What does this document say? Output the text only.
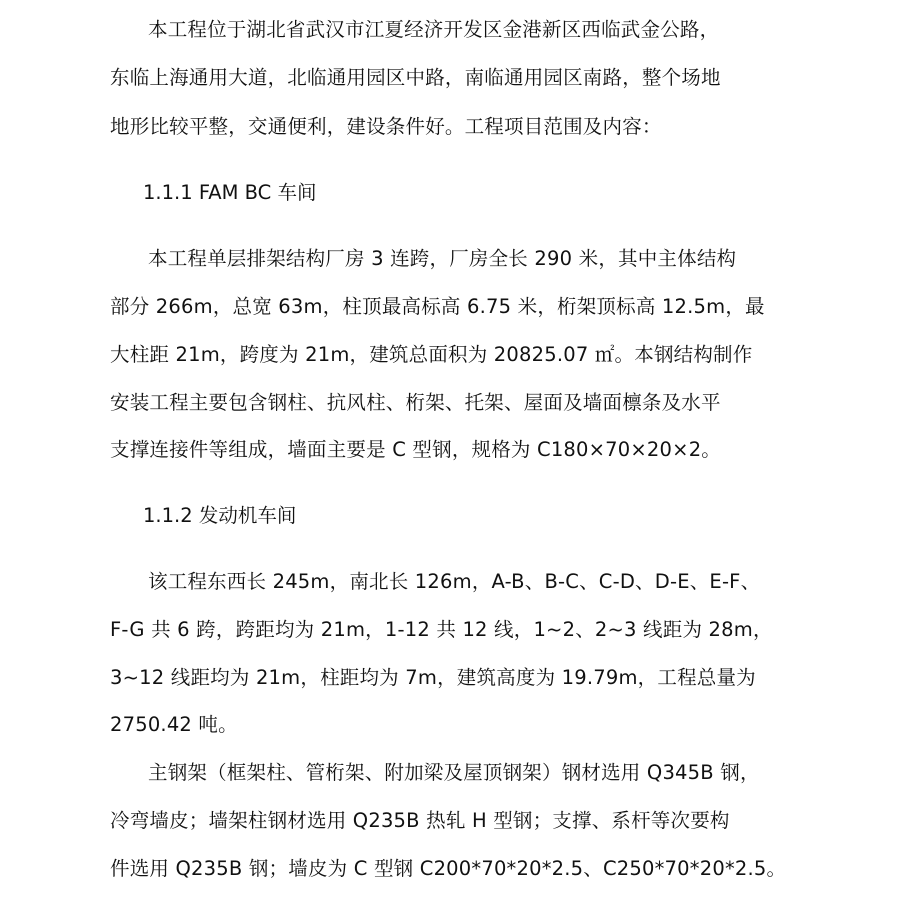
本工程位于湖北省武汉市江夏经济开发区金港新区西临武金公路，
东临上海通用大道，北临通用园区中路，南临通用园区南路，整个场地
地形比较平整，交通便利，建设条件好。工程项目范围及内容：
1.1.1 FAM BC 车间
本工程单层排架结构厂房 3 连跨，厂房全长 290 米，其中主体结构
部分 266m，总宽 63m，柱顶最高标高 6.75 米，桁架顶标高 12.5m，最
大柱距 21m，跨度为 21m，建筑总面积为 20825.07 ㎡。本钢结构制作
安装工程主要包含钢柱、抗风柱、桁架、托架、屋面及墙面檩条及水平
支撑连接件等组成，墙面主要是 C 型钢，规格为 C180×70×20×2。
1.1.2 发动机车间
该工程东西长 245m，南北长 126m，A-B、B-C、C-D、D-E、E-F、
F-G 共 6 跨，跨距均为 21m，1-12 共 12 线，1~2、2~3 线距为 28m，
3~12 线距均为 21m，柱距均为 7m，建筑高度为 19.79m，工程总量为
2750.42 吨。
主钢架（框架柱、管桁架、附加梁及屋顶钢架）钢材选用 Q345B 钢，
冷弯墙皮；墙架柱钢材选用 Q235B 热轧 H 型钢；支撑、系杆等次要构
件选用 Q235B 钢；墙皮为 C 型钢 C200*70*20*2.5、C250*70*20*2.5。
